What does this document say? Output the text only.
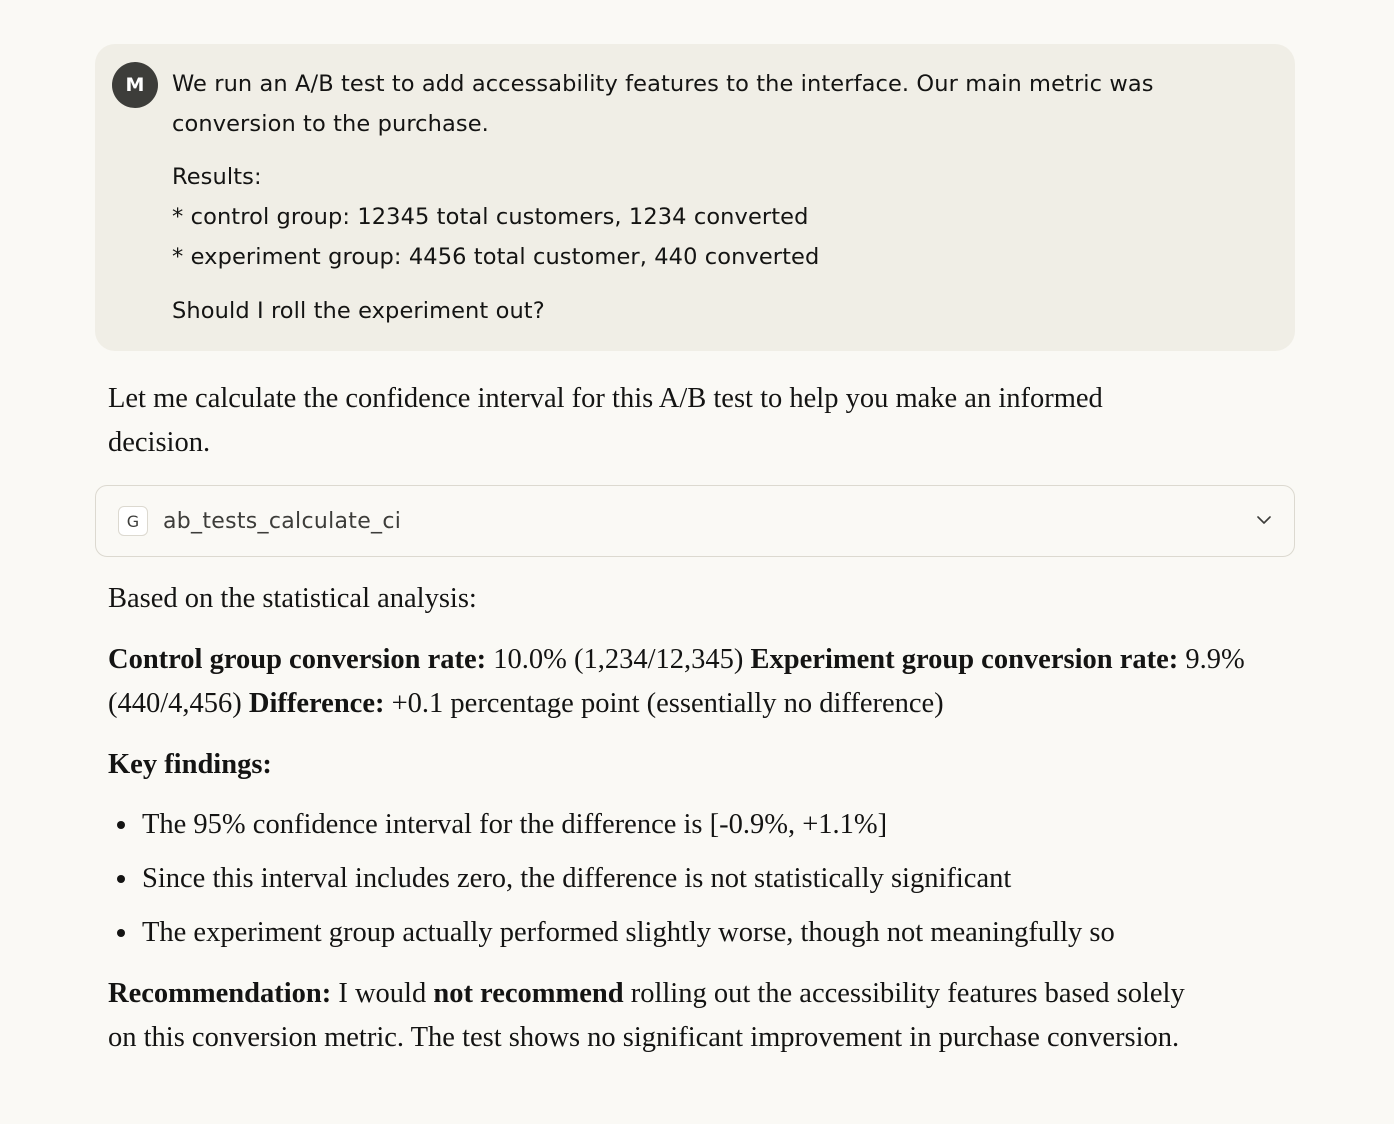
M	We run an A/B test to add accessability features to the interface. Our main metric was conversion to the purchase.

Results:

* control group: 12345 total customers, 1234 converted

* experiment group: 4456 total customer, 440 converted

Should I roll the experiment out?

Let me calculate the confidence interval for this A/B test to help you make an informed decision.

G	ab_tests_calculate_ci

Based on the statistical analysis:

Control group conversion rate: 10.0% (1,234/12,345) Experiment group conversion rate: 9.9% (440/4,456) Difference: +0.1 percentage point (essentially no difference)

Key findings:

The 95% confidence interval for the difference is [-0.9%, +1.1%]
Since this interval includes zero, the difference is not statistically significant
The experiment group actually performed slightly worse, though not meaningfully so

Recommendation: I would not recommend rolling out the accessibility features based solely on this conversion metric. The test shows no significant improvement in purchase conversion.
